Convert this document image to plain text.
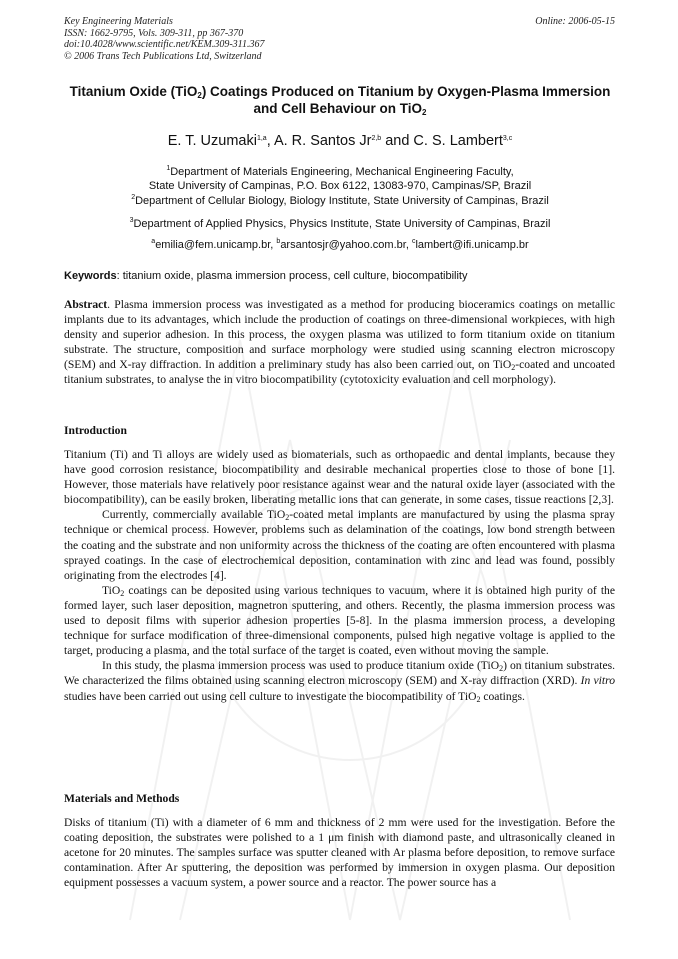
Key Engineering Materials
ISSN: 1662-9795, Vols. 309-311, pp 367-370
doi:10.4028/www.scientific.net/KEM.309-311.367
© 2006 Trans Tech Publications Ltd, Switzerland
Online: 2006-05-15
Titanium Oxide (TiO$_2$) Coatings Produced on Titanium by Oxygen-Plasma Immersion and Cell Behaviour on TiO$_2$
E. T. Uzumaki$^{1,a}$, A. R. Santos Jr$^{2,b}$ and C. S. Lambert$^{3,c}$
$^1$Department of Materials Engineering, Mechanical Engineering Faculty,
State University of Campinas, P.O. Box 6122, 13083-970, Campinas/SP, Brazil
$^2$Department of Cellular Biology, Biology Institute, State University of Campinas, Brazil
$^3$Department of Applied Physics, Physics Institute, State University of Campinas, Brazil
$^a$emilia@fem.unicamp.br, $^b$arsantosjr@yahoo.com.br, $^c$lambert@ifi.unicamp.br
Keywords: titanium oxide, plasma immersion process, cell culture, biocompatibility

Abstract. Plasma immersion process was investigated as a method for producing bioceramics coatings on metallic implants due to its advantages, which include the production of coatings on three-dimensional workpieces, with high density and superior adhesion. In this process, the oxygen plasma was utilized to form titanium oxide on titanium substrate. The structure, composition and surface morphology were studied using scanning electron microscopy (SEM) and X-ray diffraction. In addition a preliminary study has also been carried out, on TiO$_2$-coated and uncoated titanium substrates, to analyse the in vitro biocompatibility (cytotoxicity evaluation and cell morphology).

Introduction

Titanium (Ti) and Ti alloys are widely used as biomaterials, such as orthopaedic and dental implants, because they have good corrosion resistance, biocompatibility and desirable mechanical properties close to those of bone [1]. However, those materials have relatively poor resistance against wear and the natural oxide layer (associated with the biocompatibility), can be easily broken, liberating metallic ions that can generate, in some cases, tissue reactions [2,3].

Currently, commercially available TiO$_2$-coated metal implants are manufactured by using the plasma spray technique or chemical process. However, problems such as delamination of the coatings, low bond strength between the coating and the substrate and non uniformity across the thickness of the coating are often encountered with plasma sprayed coatings. In the case of electrochemical deposition, contamination with zinc and lead was found, possibly originating from the electrodes [4].

TiO$_2$ coatings can be deposited using various techniques to vacuum, where it is obtained high purity of the formed layer, such laser deposition, magnetron sputtering, and others. Recently, the plasma immersion process was used to deposit films with superior adhesion properties [5-8]. In the plasma immersion process, a developing technique for surface modification of three-dimensional components, pulsed high negative voltage is applied to the target, producing a plasma, and the total surface of the target is coated, even without moving the sample.

In this study, the plasma immersion process was used to produce titanium oxide (TiO$_2$) on titanium substrates. We characterized the films obtained using scanning electron microscopy (SEM) and X-ray diffraction (XRD). In vitro studies have been carried out using cell culture to investigate the biocompatibility of TiO$_2$ coatings.

Materials and Methods

Disks of titanium (Ti) with a diameter of 6 mm and thickness of 2 mm were used for the investigation. Before the coating deposition, the substrates were polished to a 1 μm finish with diamond paste, and ultrasonically cleaned in acetone for 20 minutes. The samples surface was sputter cleaned with Ar plasma before deposition, to remove surface contamination. After Ar sputtering, the deposition was performed by immersion in oxygen plasma. Our deposition equipment possesses a vacuum system, a power source and a reactor. The power source has a
